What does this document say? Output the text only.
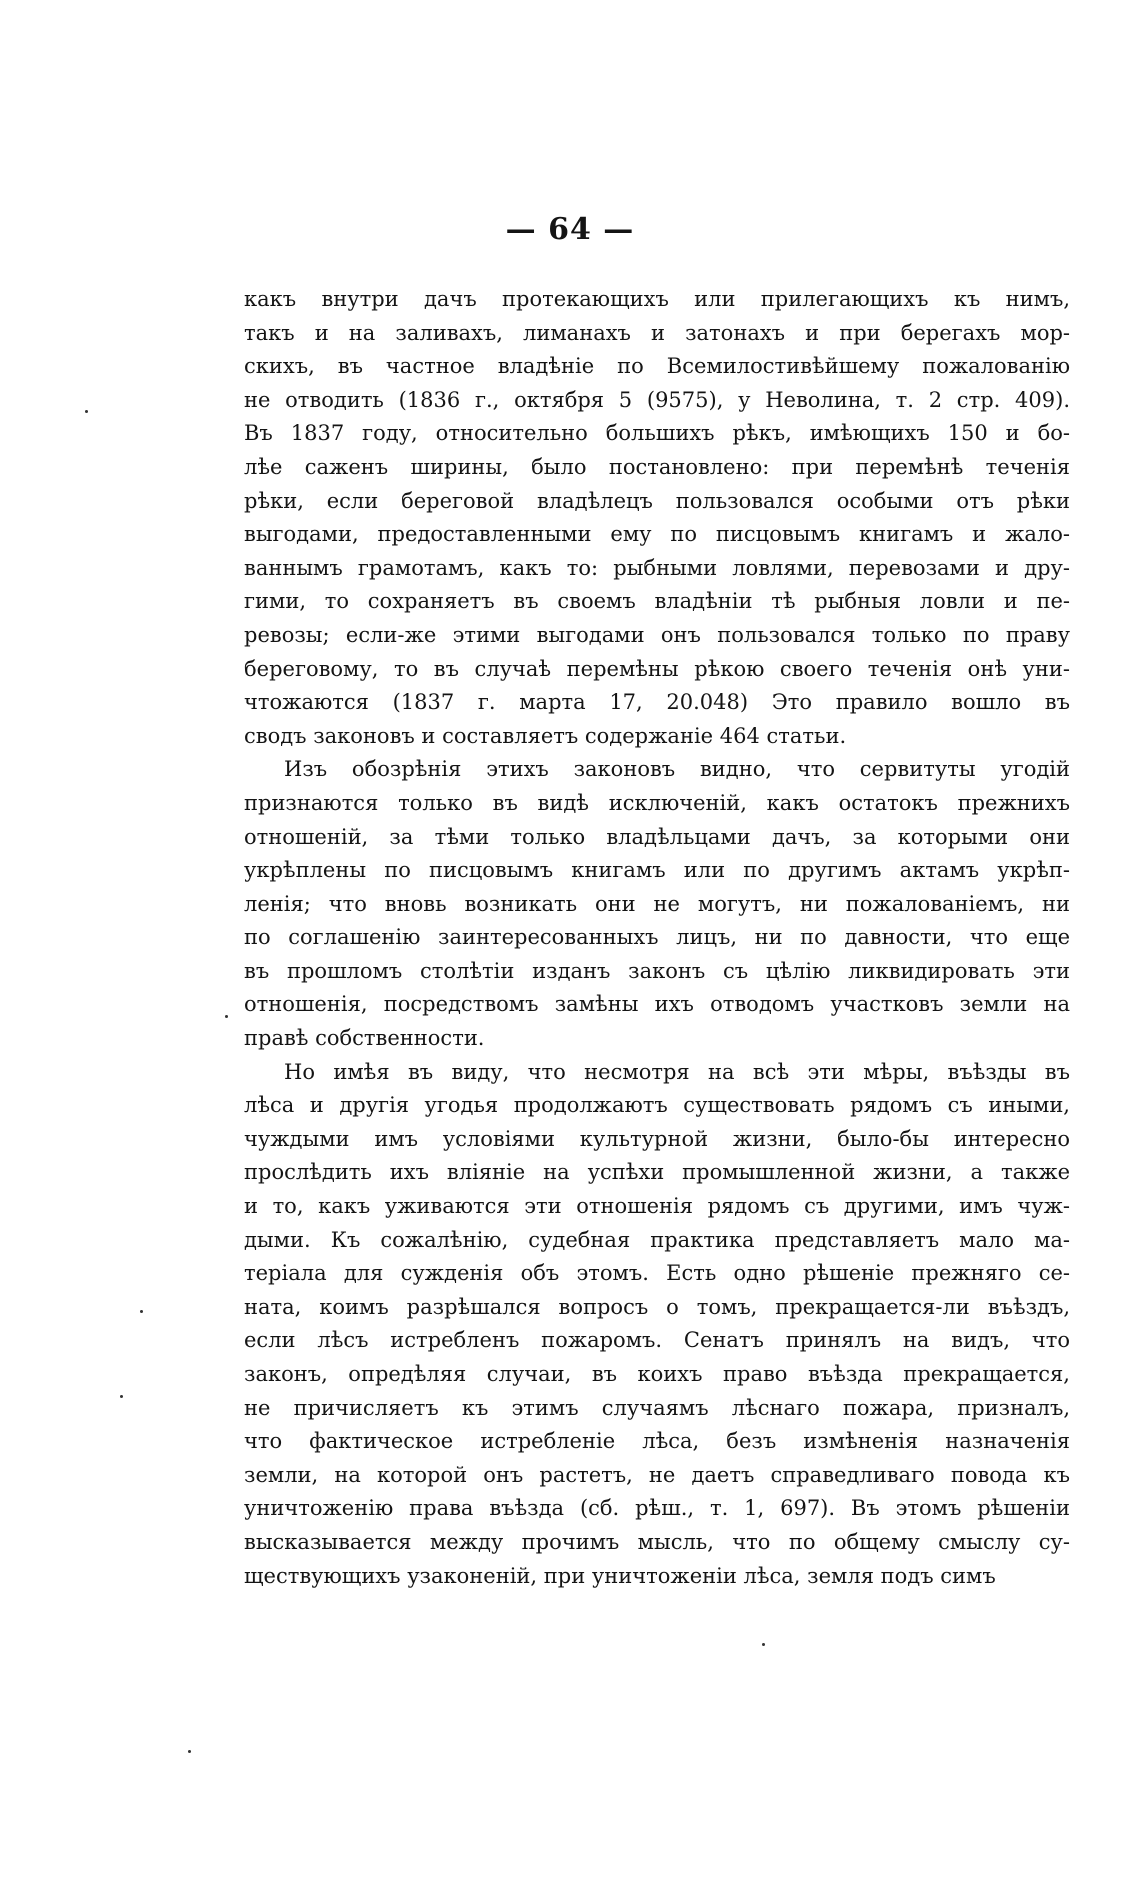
— 64 —
какъ внутри дачъ протекающихъ или прилегающихъ къ нимъ,
такъ и на заливахъ, лиманахъ и затонахъ и при берегахъ мор-
скихъ, въ частное владѣніе по Всемилостивѣйшему пожалованію
не отводить (1836 г., октября 5 (9575), у Неволина, т. 2 стр. 409).
Въ 1837 году, относительно большихъ рѣкъ, имѣющихъ 150 и бо-
лѣе саженъ ширины, было постановлено: при перемѣнѣ теченія
рѣки, если береговой владѣлецъ пользовался особыми отъ рѣки
выгодами, предоставленными ему по писцовымъ книгамъ и жало-
ваннымъ грамотамъ, какъ то: рыбными ловлями, перевозами и дру-
гими, то сохраняетъ въ своемъ владѣніи тѣ рыбныя ловли и пе-
ревозы; если-же этими выгодами онъ пользовался только по праву
береговому, то въ случаѣ перемѣны рѣкою своего теченія онѣ уни-
чтожаются (1837 г. марта 17, 20.048) Это правило вошло въ
сводъ законовъ и составляетъ содержаніе 464 статьи.
Изъ обозрѣнія этихъ законовъ видно, что сервитуты угодій
признаются только въ видѣ исключеній, какъ остатокъ прежнихъ
отношеній, за тѣми только владѣльцами дачъ, за которыми они
укрѣплены по писцовымъ книгамъ или по другимъ актамъ укрѣп-
ленія; что вновь возникать они не могутъ, ни пожалованіемъ, ни
по соглашенію заинтересованныхъ лицъ, ни по давности, что еще
въ прошломъ столѣтіи изданъ законъ съ цѣлію ликвидировать эти
отношенія, посредствомъ замѣны ихъ отводомъ участковъ земли на
правѣ собственности.
Но имѣя въ виду, что несмотря на всѣ эти мѣры, въѣзды въ
лѣса и другія угодья продолжаютъ существовать рядомъ съ иными,
чуждыми имъ условіями культурной жизни, было-бы интересно
прослѣдить ихъ вліяніе на успѣхи промышленной жизни, а также
и то, какъ уживаются эти отношенія рядомъ съ другими, имъ чуж-
дыми. Къ сожалѣнію, судебная практика представляетъ мало ма-
теріала для сужденія объ этомъ. Есть одно рѣшеніе прежняго се-
ната, коимъ разрѣшался вопросъ о томъ, прекращается-ли въѣздъ,
если лѣсъ истребленъ пожаромъ. Сенатъ принялъ на видъ, что
законъ, опредѣляя случаи, въ коихъ право въѣзда прекращается,
не причисляетъ къ этимъ случаямъ лѣснаго пожара, призналъ,
что фактическое истребленіе лѣса, безъ измѣненія назначенія
земли, на которой онъ растетъ, не даетъ справедливаго повода къ
уничтоженію права въѣзда (сб. рѣш., т. 1, 697). Въ этомъ рѣшеніи
высказывается между прочимъ мысль, что по общему смыслу су-
ществующихъ узаконеній, при уничтоженіи лѣса, земля подъ симъ
